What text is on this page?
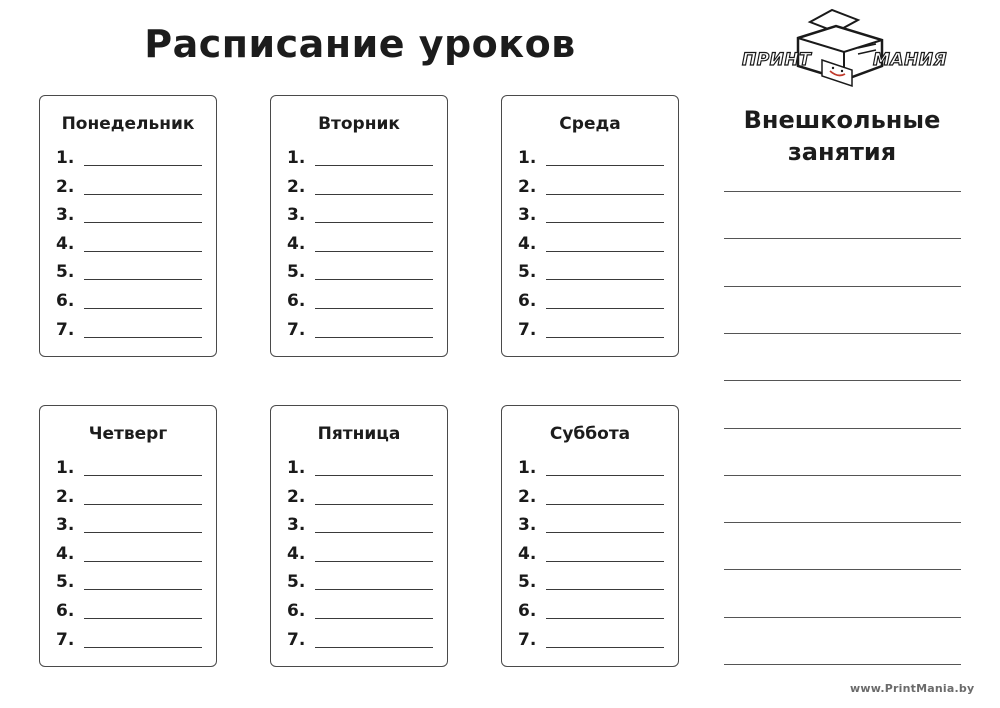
Расписание уроков	ПРИНТ	МАНИЯ
Понедельник
1.
2.
3.
4.
5.
6.
7.
Вторник
1.
2.
3.
4.
5.
6.
7.
Среда
1.
2.
3.
4.
5.
6.
7.
Четверг
1.
2.
3.
4.
5.
6.
7.
Пятница
1.
2.
3.
4.
5.
6.
7.
Суббота
1.
2.
3.
4.
5.
6.
7.
Внешкольные
занятия
www.PrintMania.by
